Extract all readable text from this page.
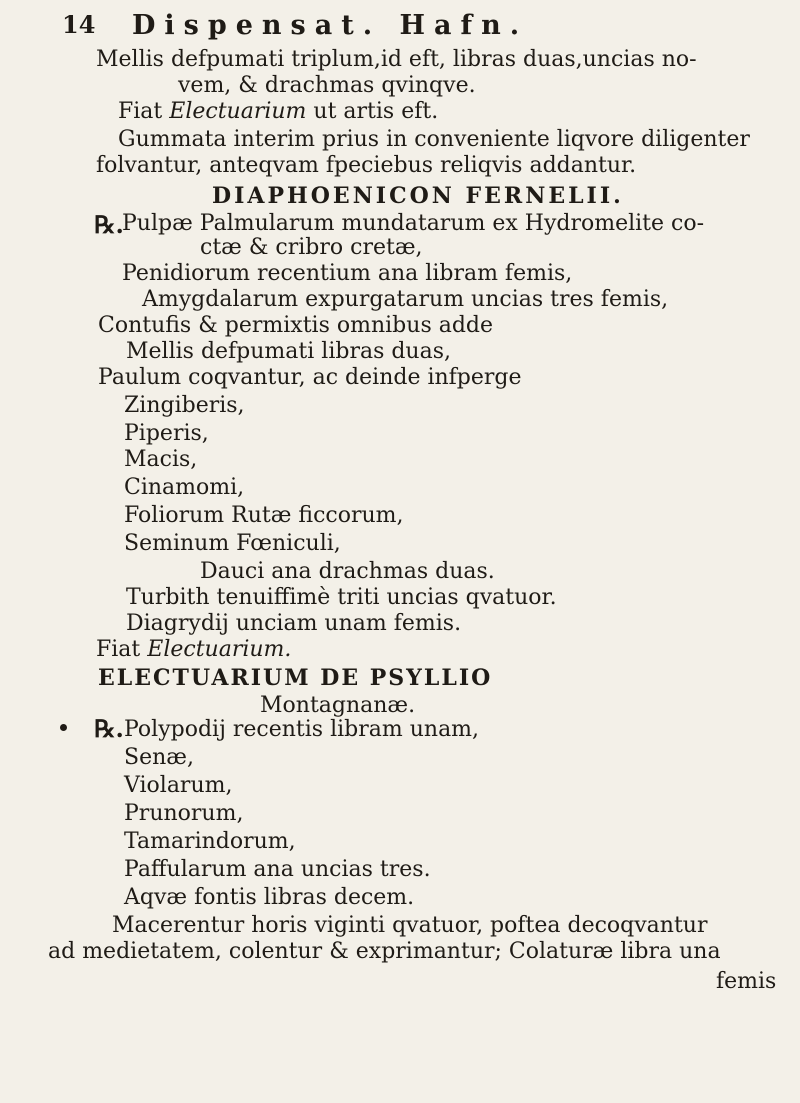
14 Dispensat. Hafn.
Mellis defpumati triplum,id eft, libras duas,uncias no-
vem, & drachmas qvinqve.
Fiat Electuarium ut artis eft.
Gummata interim prius in conveniente liqvore diligenter
folvantur, anteqvam fpeciebus reliqvis addantur.
DIAPHOENICON FERNELII.
℞.
Pulpæ Palmularum mundatarum ex Hydromelite co-
ctæ & cribro cretæ,
Penidiorum recentium ana libram femis,
Amygdalarum expurgatarum uncias tres femis,
Contufis & permixtis omnibus adde
Mellis defpumati libras duas,
Paulum coqvantur, ac deinde infperge
Zingiberis,
Piperis,
Macis,
Cinamomi,
Foliorum Rutæ ficcorum,
Seminum Fœniculi,
Dauci ana drachmas duas.
Turbith tenuiffimè triti uncias qvatuor.
Diagrydij unciam unam femis.
Fiat Electuarium.
ELECTUARIUM DE PSYLLIO
Montagnanæ.
℞. Polypodij recentis libram unam,
Senæ,
Violarum,
Prunorum,
Tamarindorum,
Paffularum ana uncias tres.
Aqvæ fontis libras decem.
Macerentur horis viginti qvatuor, poftea decoqvantur
ad medietatem, colentur & exprimantur; Colaturæ libra una
femis
